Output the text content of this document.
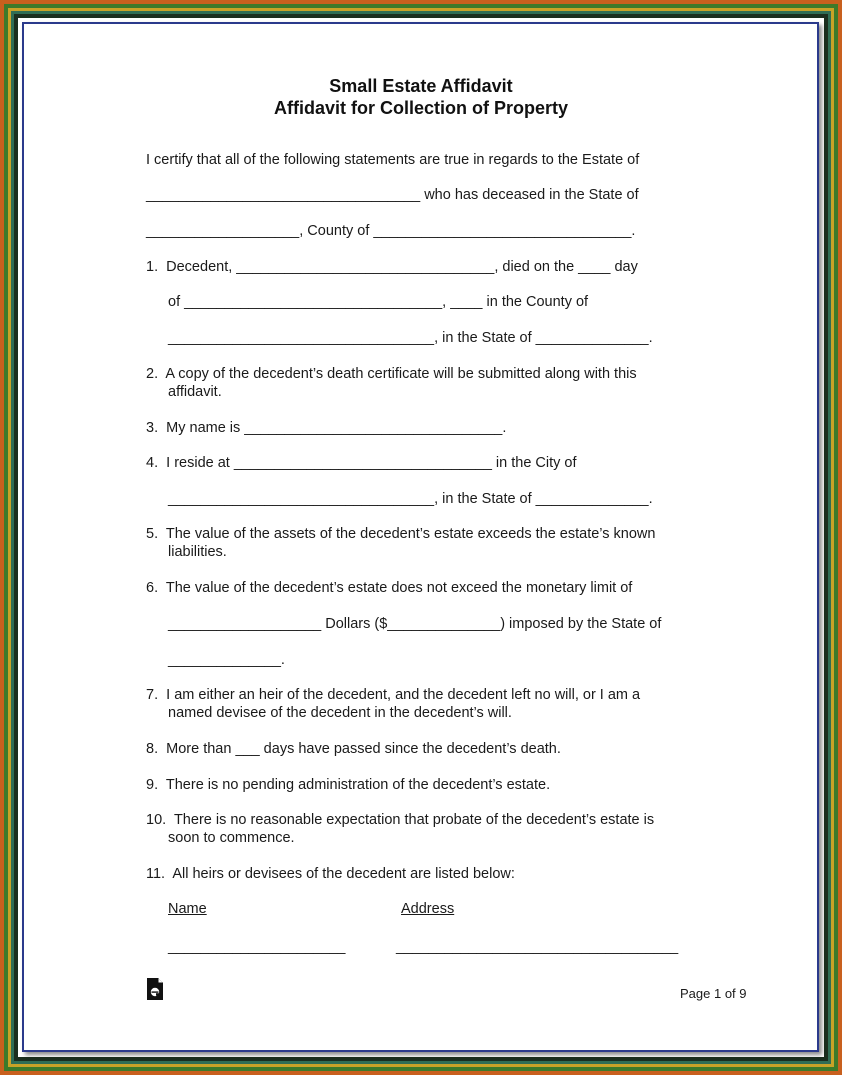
Small Estate Affidavit
Affidavit for Collection of Property
I certify that all of the following statements are true in regards to the Estate of
__________________________________ who has deceased in the State of
___________________, County of ________________________________.
1.  Decedent, ________________________________, died on the ____ day
of ________________________________, ____ in the County of
_________________________________, in the State of ______________.
2.  A copy of the decedent’s death certificate will be submitted along with this
affidavit.
3.  My name is ________________________________.
4.  I reside at ________________________________ in the City of
_________________________________, in the State of ______________.
5.  The value of the assets of the decedent’s estate exceeds the estate’s known
liabilities.
6.  The value of the decedent’s estate does not exceed the monetary limit of
___________________ Dollars ($______________) imposed by the State of
______________.
7.  I am either an heir of the decedent, and the decedent left no will, or I am a
named devisee of the decedent in the decedent’s will.
8.  More than ___ days have passed since the decedent’s death.
9.  There is no pending administration of the decedent’s estate.
10.  There is no reasonable expectation that probate of the decedent’s estate is
soon to commence.
11.  All heirs or devisees of the decedent are listed below:
Name	Address
______________________	___________________________________
Page 1 of 9
